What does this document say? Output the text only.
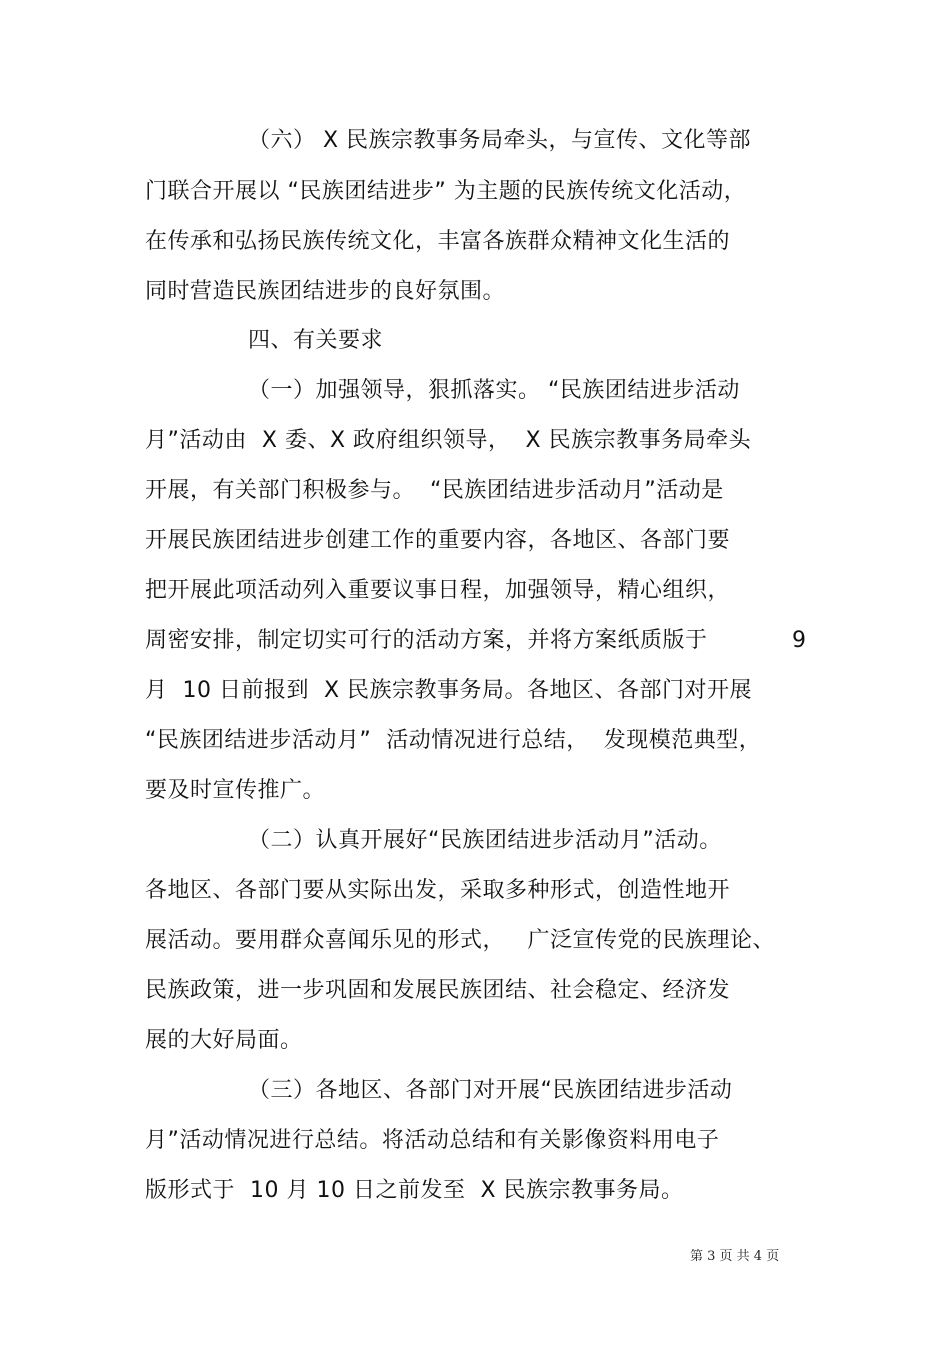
（六） X 民族宗教事务局牵头，与宣传、文化等部
门联合开展以 “民族团结进步” 为主题的民族传统文化活动，
在传承和弘扬民族传统文化，丰富各族群众精神文化生活的
同时营造民族团结进步的良好氛围。
四、有关要求
（一）加强领导，狠抓落实。 “民族团结进步活动
月”活动由  X 委、X 政府组织领导，  X 民族宗教事务局牵头
开展，有关部门积极参与。  “民族团结进步活动月”活动是
开展民族团结进步创建工作的重要内容，各地区、各部门要
把开展此项活动列入重要议事日程，加强领导，精心组织，
周密安排，制定切实可行的活动方案，并将方案纸质版于	9
月  10 日前报到  X 民族宗教事务局。各地区、各部门对开展
“民族团结进步活动月”  活动情况进行总结，  发现模范典型，
要及时宣传推广。
（二）认真开展好“民族团结进步活动月”活动。
各地区、各部门要从实际出发，采取多种形式，创造性地开
展活动。要用群众喜闻乐见的形式，   广泛宣传党的民族理论、
民族政策，进一步巩固和发展民族团结、社会稳定、经济发
展的大好局面。
（三）各地区、各部门对开展“民族团结进步活动
月”活动情况进行总结。将活动总结和有关影像资料用电子
版形式于  10 月 10 日之前发至  X 民族宗教事务局。
第 3 页 共 4 页
